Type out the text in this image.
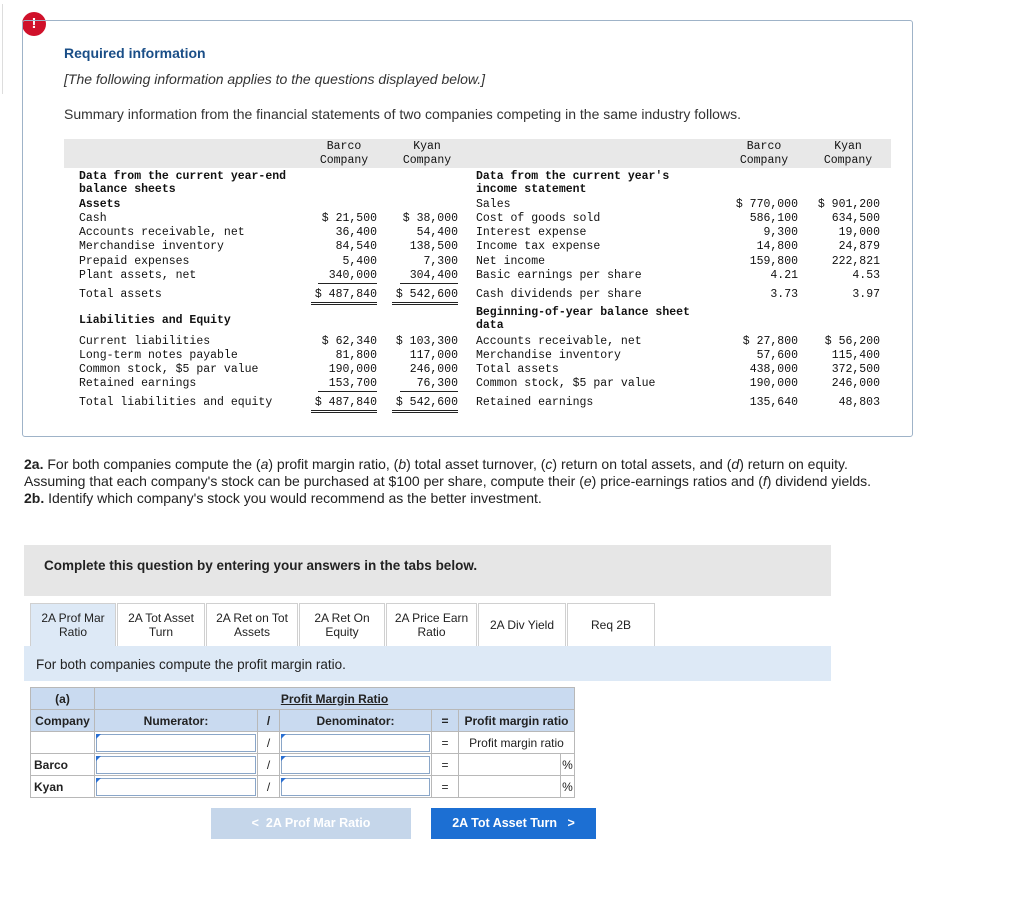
!
Required information
[The following information applies to the questions displayed below.]
Summary information from the financial statements of two companies competing in the same industry follows.
Barco
Company
Kyan
Company
Barco
Company
Kyan
Company
Data from the current year-end
balance sheets
Assets
Cash	$ 21,500	$ 38,000
Accounts receivable, net	36,400	54,400
Merchandise inventory	84,540	138,500
Prepaid expenses	5,400	7,300
Plant assets, net	340,000	304,400
Total assets	$ 487,840	$ 542,600
Liabilities and Equity
Current liabilities	$ 62,340	$ 103,300
Long-term notes payable	81,800	117,000
Common stock, $5 par value	190,000	246,000
Retained earnings	153,700	76,300
Total liabilities and equity	$ 487,840	$ 542,600
Data from the current year's
income statement
Sales	$ 770,000	$ 901,200
Cost of goods sold	586,100	634,500
Interest expense	9,300	19,000
Income tax expense	14,800	24,879
Net income	159,800	222,821
Basic earnings per share	4.21	4.53
Cash dividends per share	3.73	3.97
Beginning-of-year balance sheet
data
Accounts receivable, net	$ 27,800	$ 56,200
Merchandise inventory	57,600	115,400
Total assets	438,000	372,500
Common stock, $5 par value	190,000	246,000
Retained earnings	135,640	48,803

2a. For both companies compute the (a) profit margin ratio, (b) total asset turnover, (c) return on total assets, and (d) return on equity. Assuming that each company's stock can be purchased at $100 per share, compute their (e) price-earnings ratios and (f) dividend yields.

2b. Identify which company's stock you would recommend as the better investment.

Complete this question by entering your answers in the tabs below.
2A Prof Mar
Ratio
2A Tot Asset
Turn
2A Ret on Tot
Assets
2A Ret On
Equity
2A Price Earn
Ratio	2A Div Yield	Req 2B
For both companies compute the profit margin ratio.
(a)	Profit Margin Ratio					
Company	Numerator:	/	Denominator:	=	Profit margin ratio	

	/		=	Profit margin ratio	
Barco		/		=		%
Kyan		/		=		%
< 2A Prof Mar Ratio	2A Tot Asset Turn >
